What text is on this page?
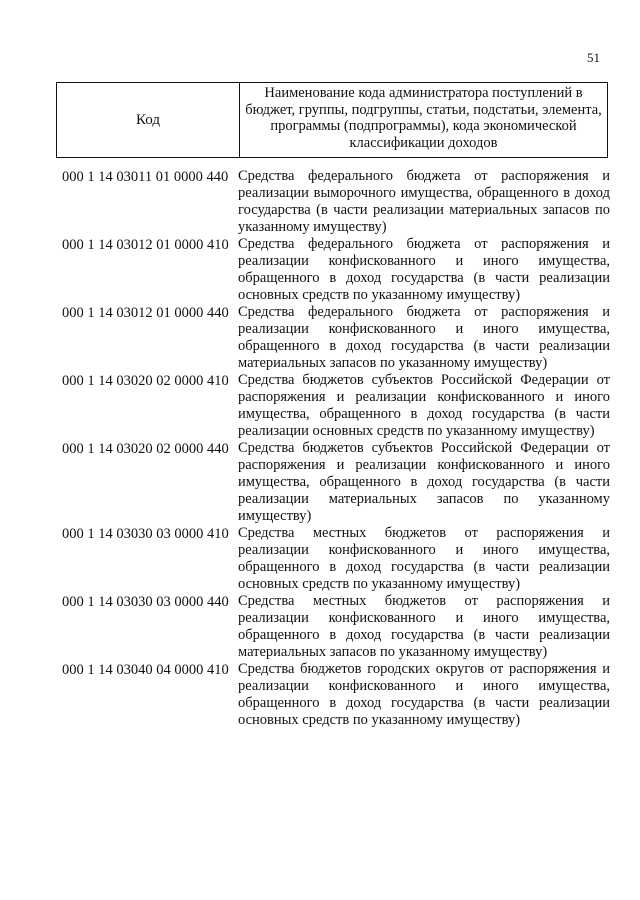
51
Код
Наименование кода администратора поступлений в бюджет, группы, подгруппы, статьи, подстатьи, элемента, программы (подпрограммы), кода экономической классификации доходов
000 1 14 03011 01 0000 440 Средства федерального бюджета от распоряжения и реализации выморочного имущества, обращенного в доход государства (в части реализации материальных запасов по указанному имуществу)
000 1 14 03012 01 0000 410 Средства федерального бюджета от распоряжения и реализации конфискованного и иного имущества, обращенного в доход государства (в части реализации основных средств по указанному имуществу)
000 1 14 03012 01 0000 440 Средства федерального бюджета от распоряжения и реализации конфискованного и иного имущества, обращенного в доход государства (в части реализации материальных запасов по указанному имуществу)
000 1 14 03020 02 0000 410 Средства бюджетов субъектов Российской Федерации от распоряжения и реализации конфискованного и иного имущества, обращенного в доход государства (в части реализации основных средств по указанному имуществу)
000 1 14 03020 02 0000 440 Средства бюджетов субъектов Российской Федерации от распоряжения и реализации конфискованного и иного имущества, обращенного в доход государства (в части реализации материальных запасов по указанному имуществу)
000 1 14 03030 03 0000 410 Средства местных бюджетов от распоряжения и реализации конфискованного и иного имущества, обращенного в доход государства (в части реализации основных средств по указанному имуществу)
000 1 14 03030 03 0000 440 Средства местных бюджетов от распоряжения и реализации конфискованного и иного имущества, обращенного в доход государства (в части реализации материальных запасов по указанному имуществу)
000 1 14 03040 04 0000 410 Средства бюджетов городских округов от распоряжения и реализации конфискованного и иного имущества, обращенного в доход государства (в части реализации основных средств по указанному имуществу)
